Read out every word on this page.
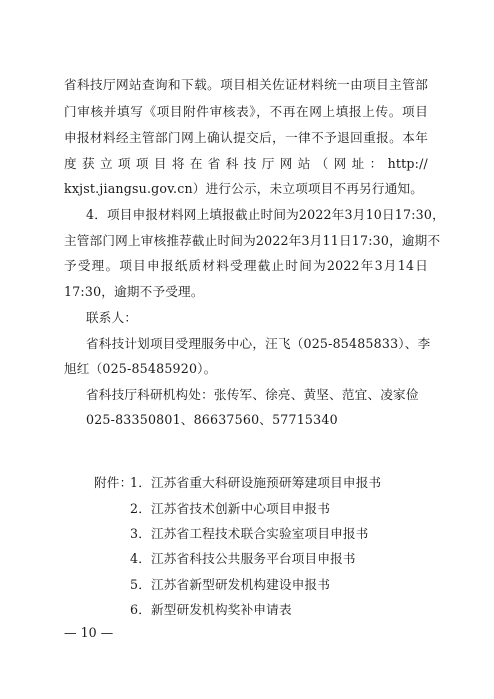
省科技厅网站查询和下载。项目相关佐证材料统一由项目主管部
门审核并填写《项目附件审核表》，不再在网上填报上传。项目
申报材料经主管部门网上确认提交后，一律不予退回重报。本年
度获立项项目将在省科技厅网站（网址：http://
kxjst.jiangsu.gov.cn）进行公示，未立项项目不再另行通知。
4．项目申报材料网上填报截止时间为2022年3月10日17:30，
主管部门网上审核推荐截止时间为2022年3月11日17:30，逾期不
予受理。项目申报纸质材料受理截止时间为2022年3月14日
17:30，逾期不予受理。
联系人：
省科技计划项目受理服务中心，汪飞（025-85485833）、李
旭红（025-85485920）。
省科技厅科研机构处：张传军、徐亮、黄坚、范宜、凌家俭
025-83350801、86637560、57715340
附件：
1．江苏省重大科研设施预研筹建项目申报书
2．江苏省技术创新中心项目申报书
3．江苏省工程技术联合实验室项目申报书
4．江苏省科技公共服务平台项目申报书
5．江苏省新型研发机构建设申报书
6．新型研发机构奖补申请表
— 10 —
